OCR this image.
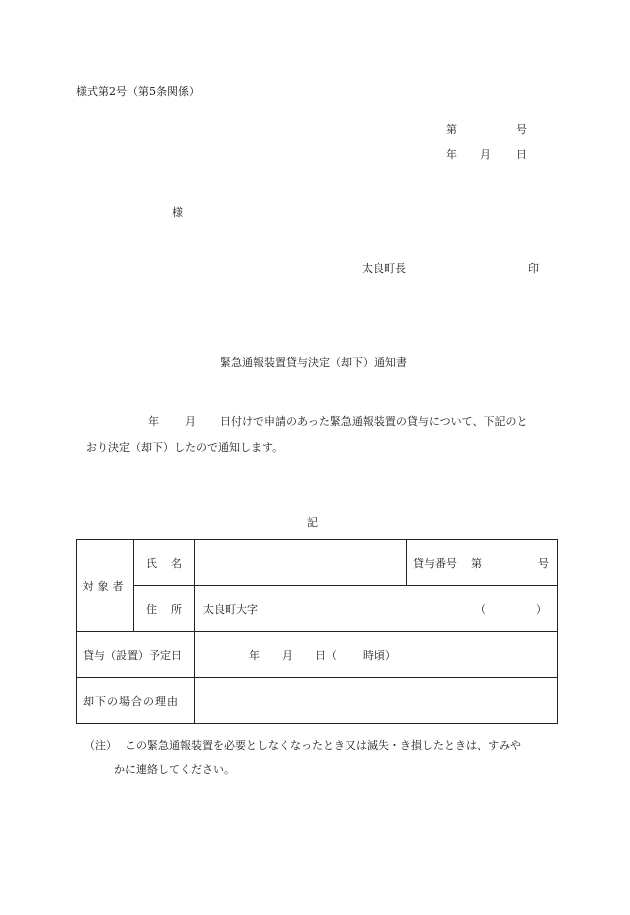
様式第2号（第5条関係）
第	号
年 月 日
様
太良町長	印
緊急通報装置貸与決定（却下）通知書
年 月 日付けで申請のあった緊急通報装置の貸与について、下記のと
おり決定（却下）したので通知します。
記
対象者	氏 名		貸与番号 第 号

	住 所	太良町大字 （ ）	

貸与（設置）予定日		年 月 日（ 時頃）	

却下の場合の理由			

（注） この緊急通報装置を必要としなくなったとき又は滅失・き損したときは、すみや
かに連絡してください。
